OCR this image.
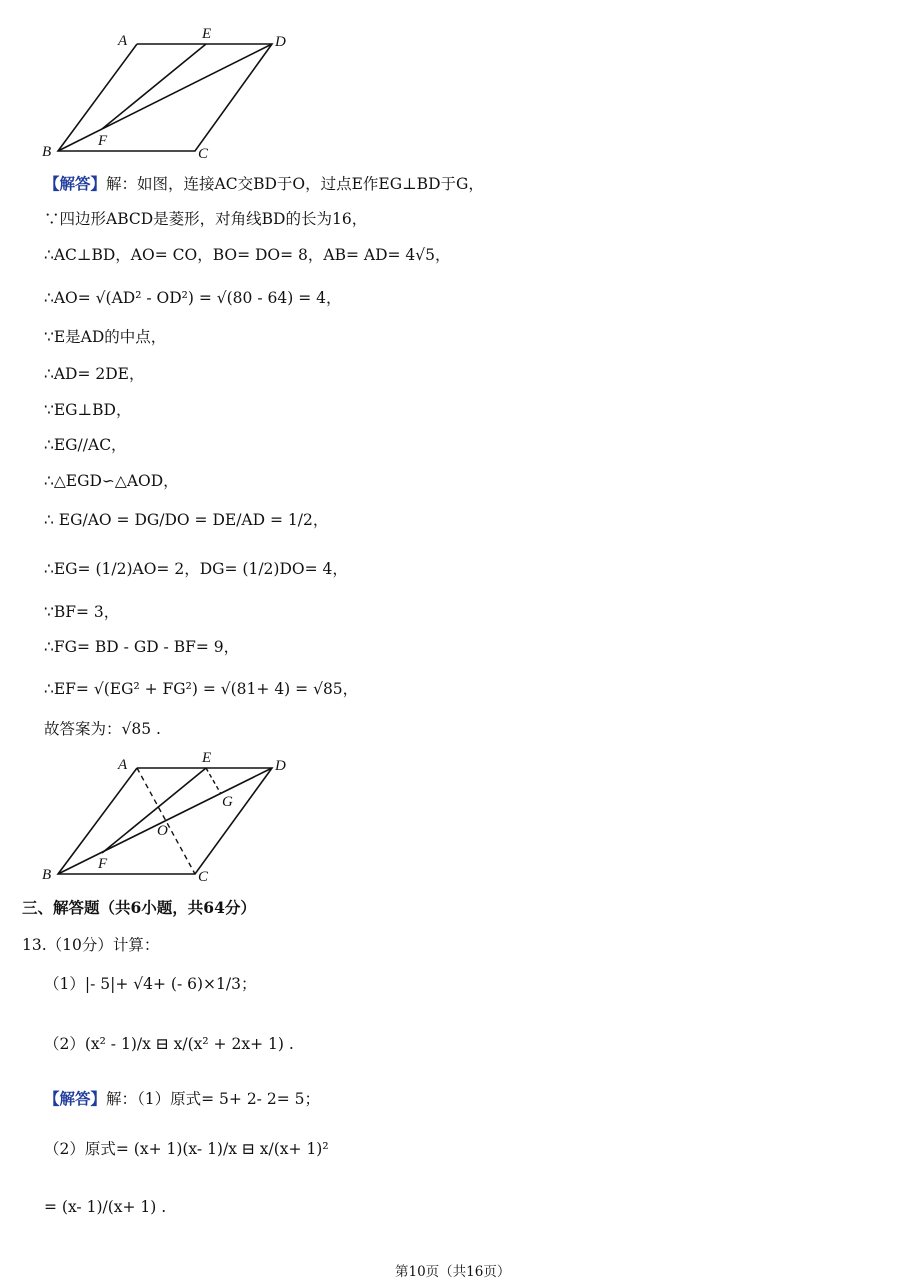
A	E	D
B
F
C
【解答】解：如图，连接AC交BD于O，过点E作EG⊥BD于G，
∵四边形ABCD是菱形，对角线BD的长为16，
∴AC⊥BD，AO= CO，BO= DO= 8，AB= AD= 4√5，
∴AO= √(AD² - OD²) = √(80 - 64) = 4，
∵E是AD的中点，
∴AD= 2DE，
∵EG⊥BD，
∴EG//AC，
∴△EGD∽△AOD，
∴ EG/AO = DG/DO = DE/AD = 1/2，
∴EG= (1/2)AO= 2，DG= (1/2)DO= 4，
∵BF= 3，
∴FG= BD - GD - BF= 9，
∴EF= √(EG² + FG²) = √(81+ 4) = √85，
故答案为：√85 .
A	E	D
G
O
B
F
C
三、解答题（共6小题，共64分）
13.（10分）计算：
（1）|- 5|+ √4+ (- 6)×1/3；
（2）(x² - 1)/x ⊟ x/(x² + 2x+ 1) .
【解答】解：（1）原式= 5+ 2- 2= 5；
（2）原式= (x+ 1)(x- 1)/x ⊟ x/(x+ 1)²
= (x- 1)/(x+ 1) .
第10页（共16页）
